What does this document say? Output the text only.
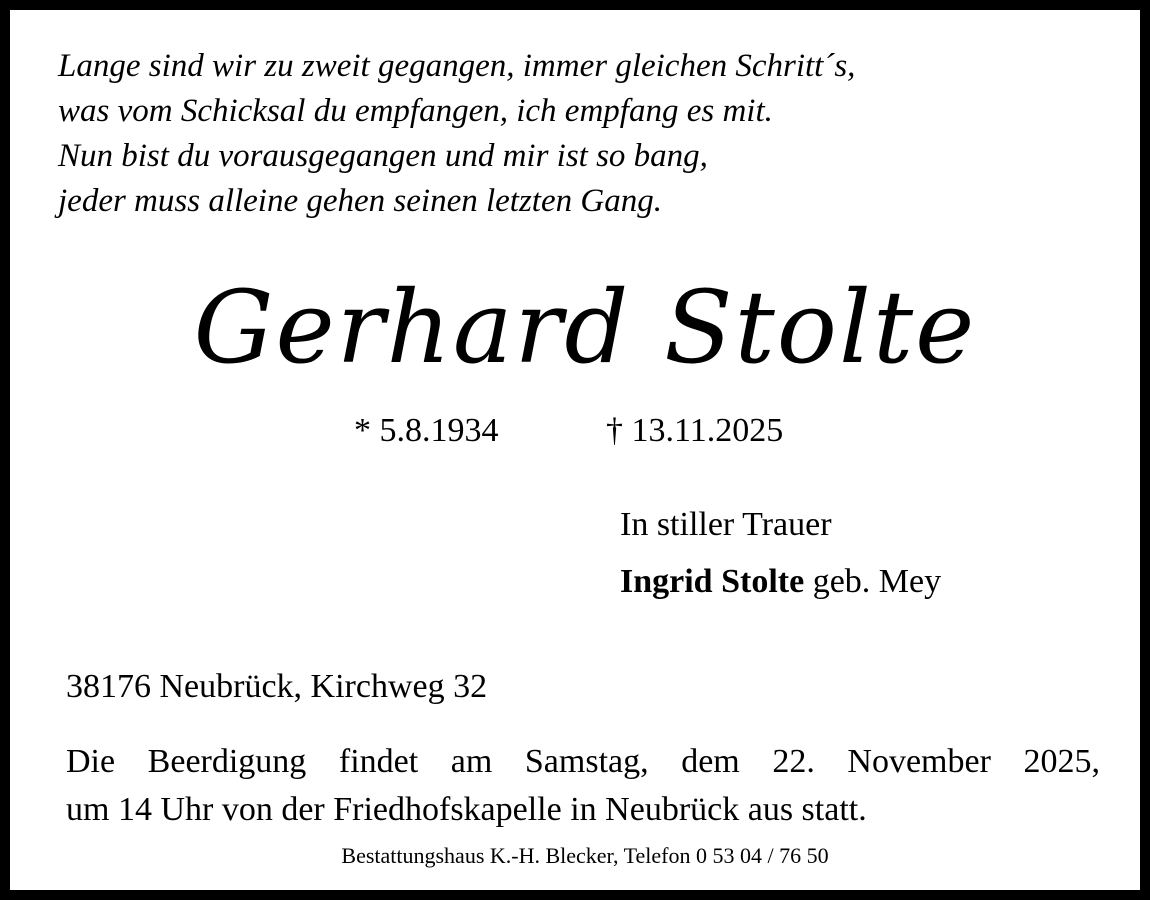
Lange sind wir zu zweit gegangen, immer gleichen Schritt´s,
was vom Schicksal du empfangen, ich empfang es mit.
Nun bist du vorausgegangen und mir ist so bang,
jeder muss alleine gehen seinen letzten Gang.
Gerhard Stolte
* 5.8.1934	† 13.11.2025
In stiller Trauer
Ingrid Stolte geb. Mey
38176 Neubrück, Kirchweg 32
Die Beerdigung findet am Samstag, dem 22. November 2025,
um 14 Uhr von der Friedhofskapelle in Neubrück aus statt.
Bestattungshaus K.-H. Blecker, Telefon 0 53 04 / 76 50
